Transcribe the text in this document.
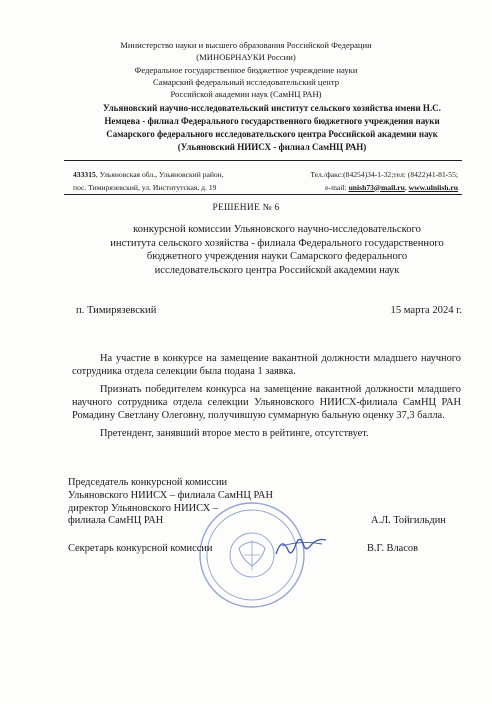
Министерство науки и высшего образования Российской Федерации
(МИНОБРНАУКИ России)
Федеральное государственное бюджетное учреждение науки
Самарский федеральный исследовательский центр
Российской академии наук (СамНЦ РАН)
Ульяновский научно-исследовательский институт сельского хозяйства имени Н.С.
Немцева - филиал Федерального государственного бюджетного учреждения науки
Самарского федерального исследовательского центра Российской академии наук
(Ульяновский НИИСХ - филиал СамНЦ РАН)
433315, Ульяновская обл., Ульяновский район,
пос. Тимирязевский, ул. Институтская, д. 19
Тел./факс:(84254)34-1-32;тел: (8422)41-81-55;
e-mail: unish73@mail.ru, www.ulniish.ru
РЕШЕНИЕ № 6
конкурсной комиссии Ульяновского научно-исследовательского
института сельского хозяйства - филиала Федерального государственного
бюджетного учреждения науки Самарского федерального
исследовательского центра Российской академии наук
п. Тимирязевский	15 марта 2024 г.

На участие в конкурсе на замещение вакантной должности младшего научного сотрудника отдела селекции была подана 1 заявка.

Признать победителем конкурса на замещение вакантной должности младшего научного сотрудника отдела селекции Ульяновского НИИСХ-филиала СамНЦ РАН Ромадину Светлану Олеговну, получившую суммарную бальную оценку 37,3 балла.

Претендент, занявший второе место в рейтинге, отсутствует.

Председатель конкурсной комиссии
Ульяновского НИИСХ – филиала СамНЦ РАН
директор Ульяновского НИИСХ –
филиала СамНЦ РАН	А.Л. Тойгильдин
Секретарь конкурсной комиссии	В.Г. Власов
